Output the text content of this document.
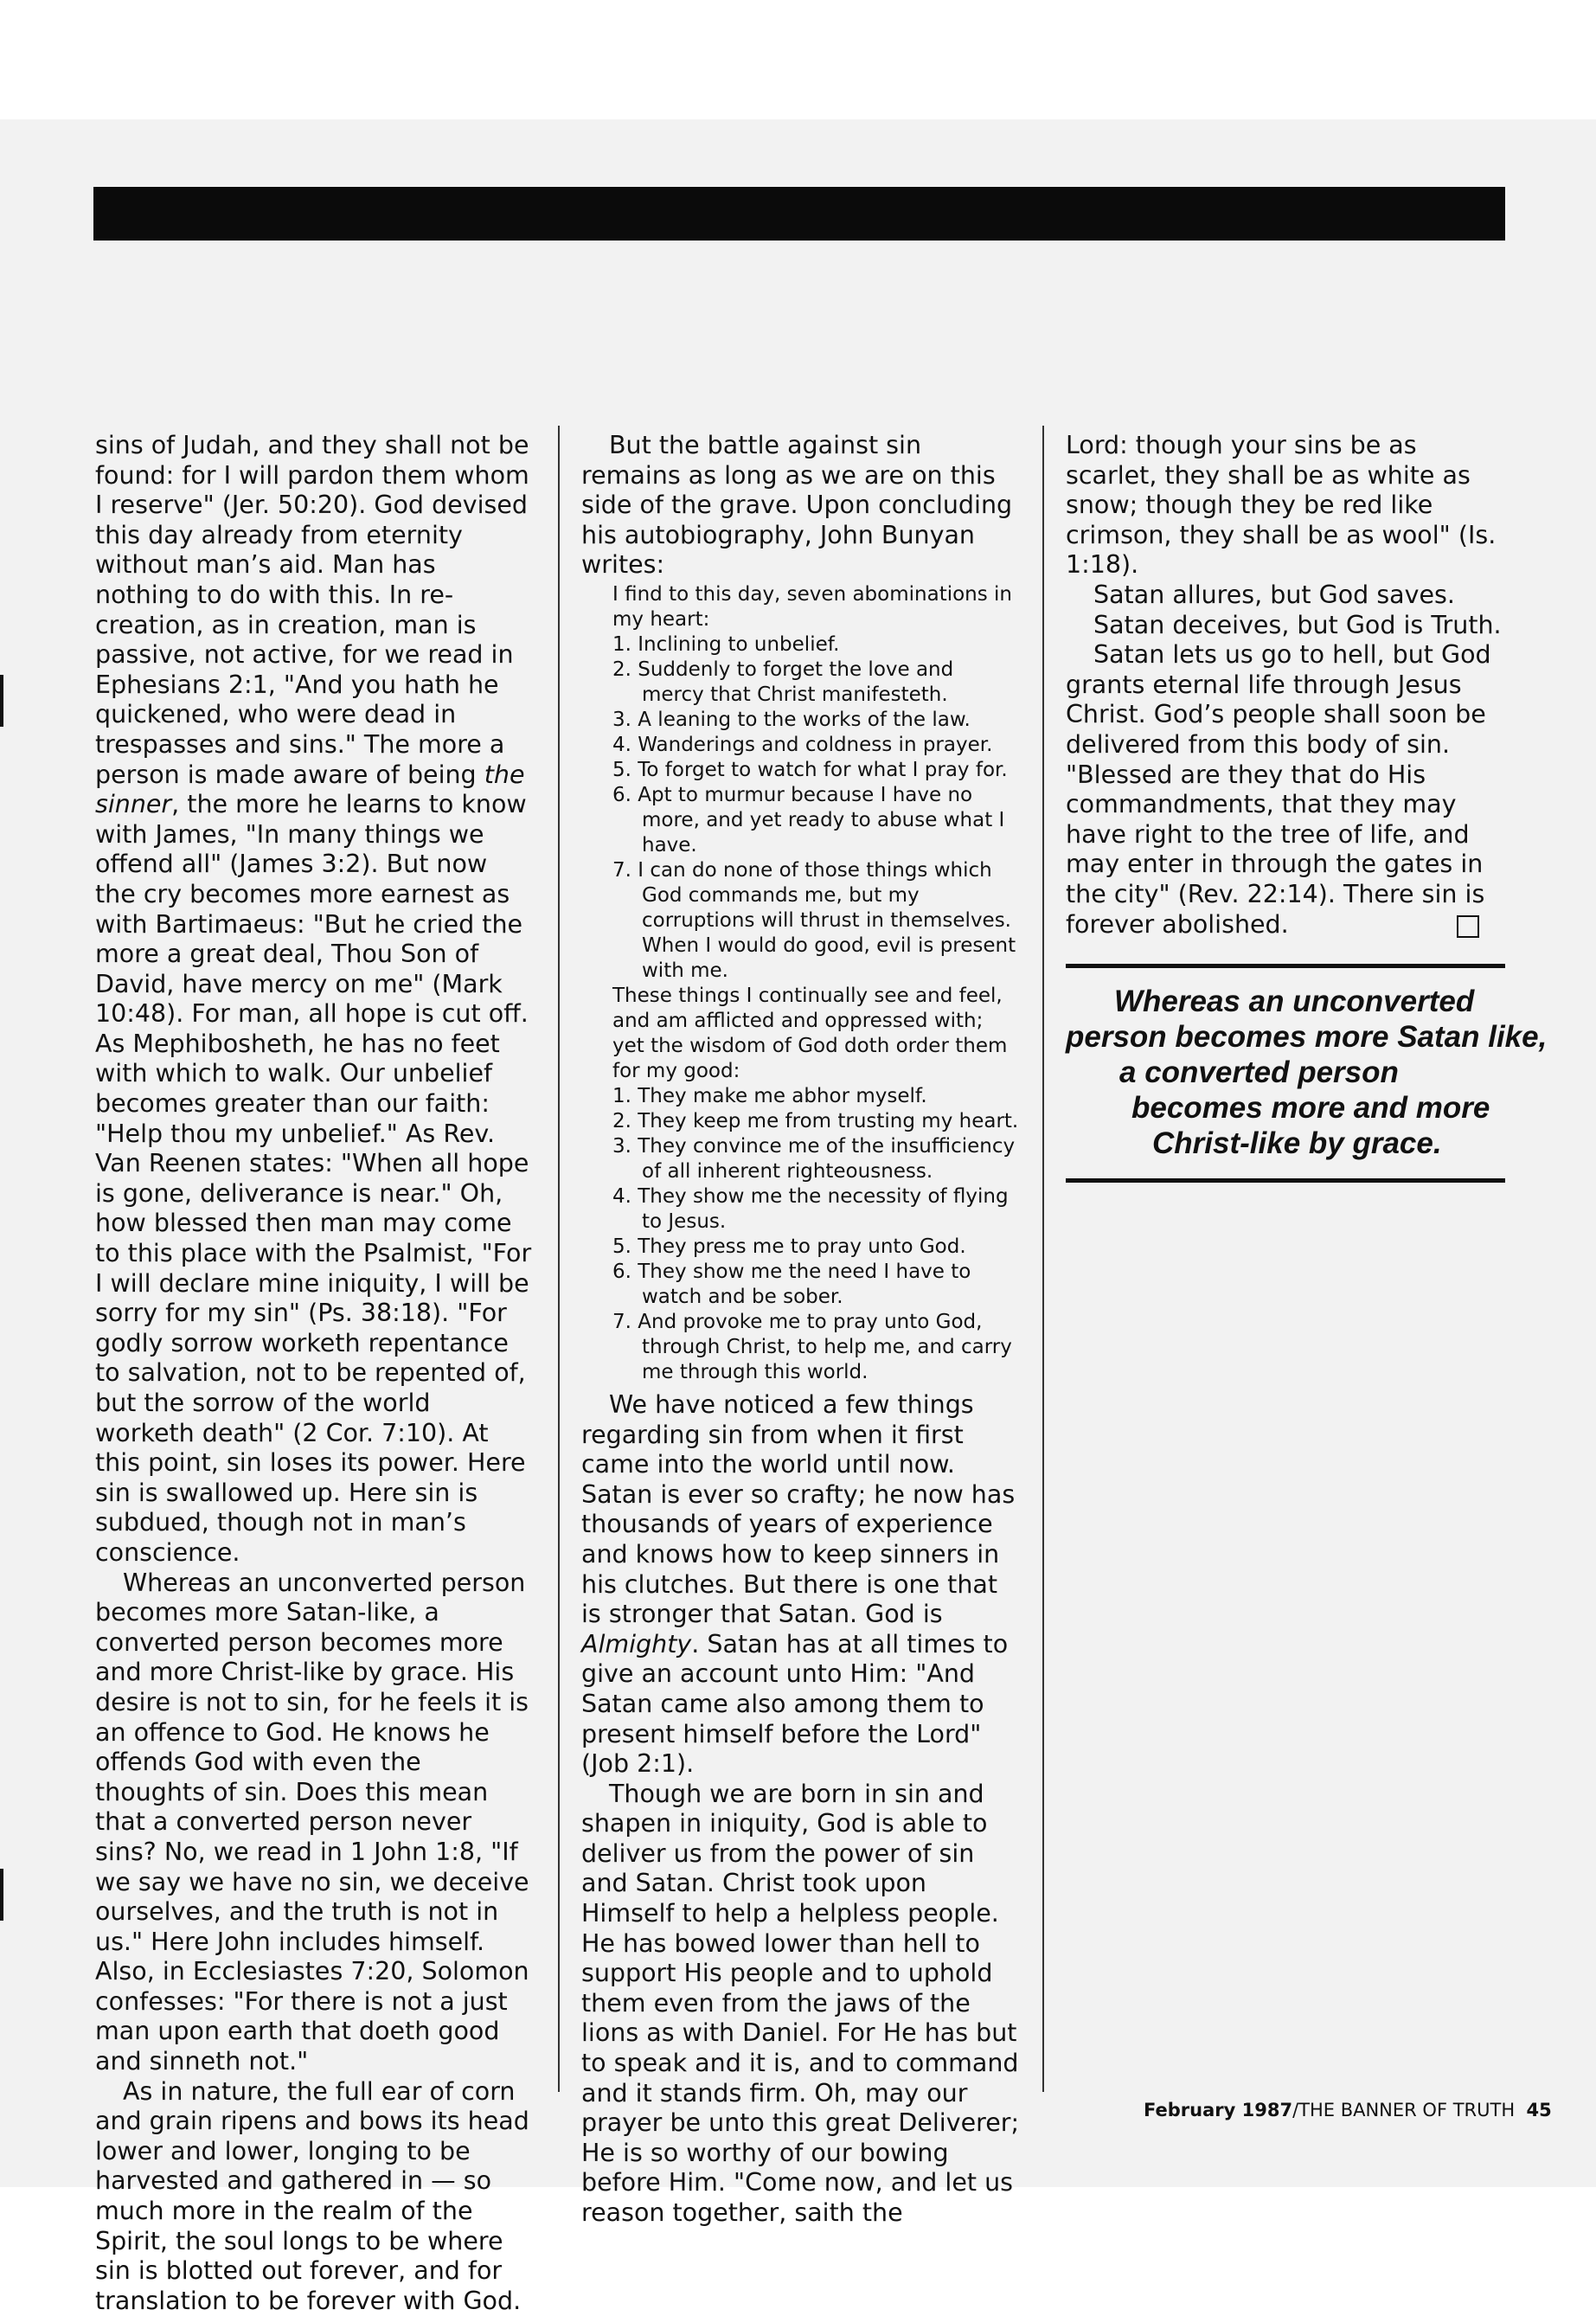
sins of Judah, and they shall not be found: for I will pardon them whom I reserve" (Jer. 50:20). God devised this day already from eternity without man’s aid. Man has nothing to do with this. In re-creation, as in creation, man is passive, not active, for we read in Ephesians 2:1, "And you hath he quickened, who were dead in trespasses and sins." The more a person is made aware of being the sinner, the more he learns to know with James, "In many things we offend all" (James 3:2). But now the cry becomes more earnest as with Bartimaeus: "But he cried the more a great deal, Thou Son of David, have mercy on me" (Mark 10:48). For man, all hope is cut off. As Mephibosheth, he has no feet with which to walk. Our unbelief becomes greater than our faith: "Help thou my unbelief." As Rev. Van Reenen states: "When all hope is gone, deliverance is near." Oh, how blessed then man may come to this place with the Psalmist, "For I will declare mine iniquity, I will be sorry for my sin" (Ps. 38:18). "For godly sorrow worketh repentance to salvation, not to be repented of, but the sorrow of the world worketh death" (2 Cor. 7:10). At this point, sin loses its power. Here sin is swallowed up. Here sin is subdued, though not in man’s conscience.

Whereas an unconverted person becomes more Satan-like, a converted person becomes more and more Christ-like by grace. His desire is not to sin, for he feels it is an offence to God. He knows he offends God with even the thoughts of sin. Does this mean that a converted person never sins? No, we read in 1 John 1:8, "If we say we have no sin, we deceive ourselves, and the truth is not in us." Here John includes himself. Also, in Ecclesiastes 7:20, Solomon confesses: "For there is not a just man upon earth that doeth good and sinneth not."

As in nature, the full ear of corn and grain ripens and bows its head lower and lower, longing to be harvested and gathered in — so much more in the realm of the Spirit, the soul longs to be where sin is blotted out forever, and for translation to be forever with God.

But the battle against sin remains as long as we are on this side of the grave. Upon concluding his autobiography, John Bunyan writes:

I find to this day, seven abominations in my heart:

1. Inclining to unbelief.

2. Suddenly to forget the love and mercy that Christ manifesteth.

3. A leaning to the works of the law.

4. Wanderings and coldness in prayer.

5. To forget to watch for what I pray for.

6. Apt to murmur because I have no more, and yet ready to abuse what I have.

7. I can do none of those things which God commands me, but my corruptions will thrust in themselves. When I would do good, evil is present with me.

These things I continually see and feel, and am afflicted and oppressed with; yet the wisdom of God doth order them for my good:

1. They make me abhor myself.

2. They keep me from trusting my heart.

3. They convince me of the insufficiency of all inherent righteousness.

4. They show me the necessity of flying to Jesus.

5. They press me to pray unto God.

6. They show me the need I have to watch and be sober.

7. And provoke me to pray unto God, through Christ, to help me, and carry me through this world.

We have noticed a few things regarding sin from when it first came into the world until now. Satan is ever so crafty; he now has thousands of years of experience and knows how to keep sinners in his clutches. But there is one that is stronger that Satan. God is Almighty. Satan has at all times to give an account unto Him: "And Satan came also among them to present himself before the Lord" (Job 2:1).

Though we are born in sin and shapen in iniquity, God is able to deliver us from the power of sin and Satan. Christ took upon Himself to help a helpless people. He has bowed lower than hell to support His people and to uphold them even from the jaws of the lions as with Daniel. For He has but to speak and it is, and to command and it stands firm. Oh, may our prayer be unto this great Deliverer; He is so worthy of our bowing before Him. "Come now, and let us reason together, saith the

Lord: though your sins be as scarlet, they shall be as white as snow; though they be red like crimson, they shall be as wool" (Is. 1:18).

Satan allures, but God saves.

Satan deceives, but God is Truth.

Satan lets us go to hell, but God grants eternal life through Jesus Christ. God’s people shall soon be delivered from this body of sin. "Blessed are they that do His commandments, that they may have right to the tree of life, and may enter in through the gates in the city" (Rev. 22:14). There sin is forever abolished.

Whereas an unconverted
person becomes more Satan like,
a converted person
becomes more and more
Christ-like by grace.
February 1987/THE BANNER OF TRUTH 45
